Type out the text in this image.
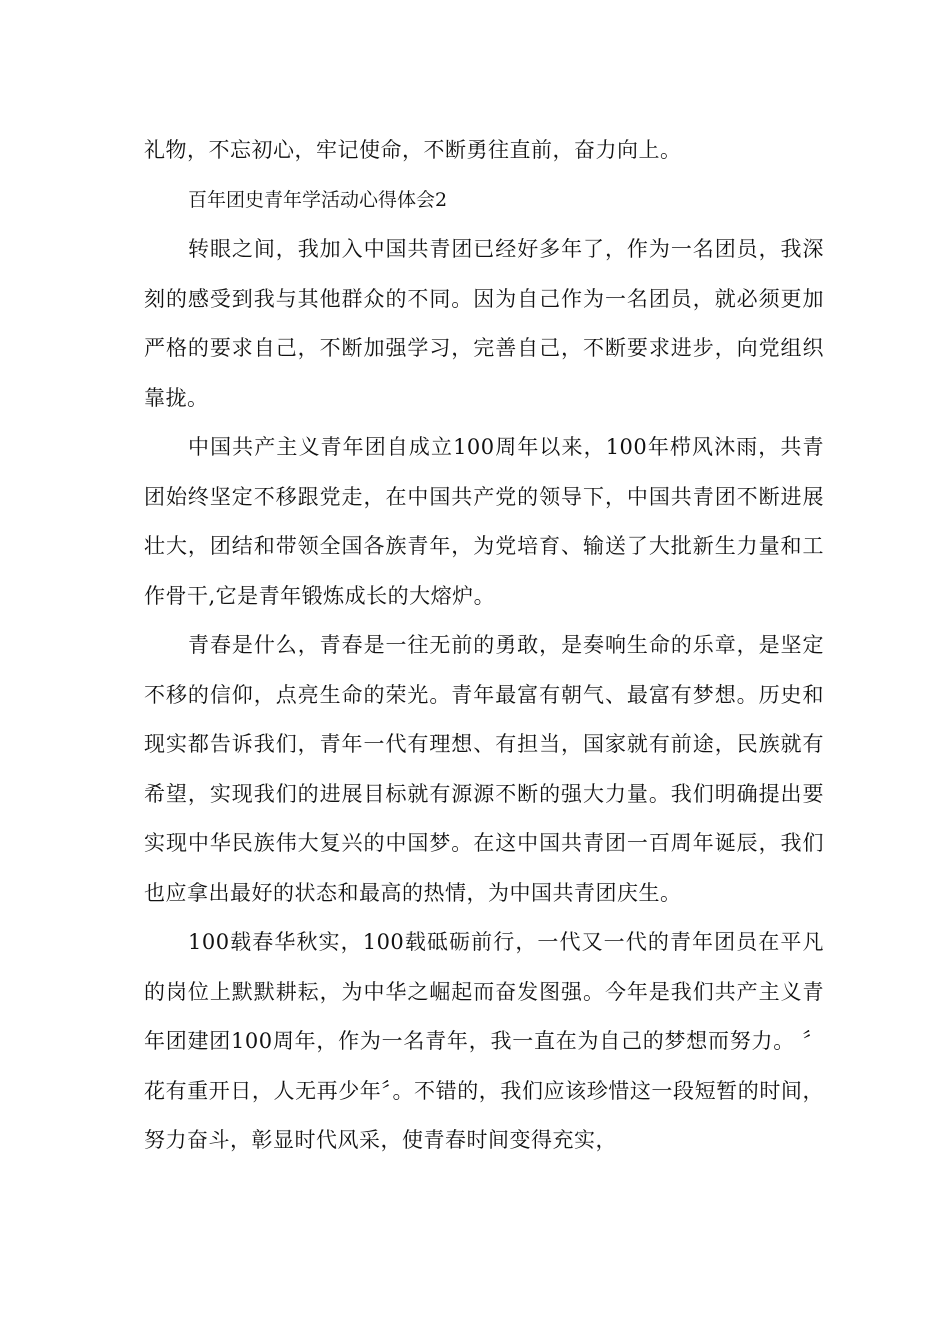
礼物，不忘初心，牢记使命，不断勇往直前，奋力向上。

百年团史青年学活动心得体会2

转眼之间，我加入中国共青团已经好多年了，作为一名团员，我深刻的感受到我与其他群众的不同。因为自己作为一名团员，就必须更加严格的要求自己，不断加强学习，完善自己，不断要求进步，向党组织靠拢。

中国共产主义青年团自成立100周年以来，100年栉风沐雨，共青团始终坚定不移跟党走，在中国共产党的领导下，中国共青团不断进展壮大，团结和带领全国各族青年，为党培育、输送了大批新生力量和工作骨干,它是青年锻炼成长的大熔炉。

青春是什么，青春是一往无前的勇敢，是奏响生命的乐章，是坚定不移的信仰，点亮生命的荣光。青年最富有朝气、最富有梦想。历史和现实都告诉我们，青年一代有理想、有担当，国家就有前途，民族就有希望，实现我们的进展目标就有源源不断的强大力量。我们明确提出要实现中华民族伟大复兴的中国梦。在这中国共青团一百周年诞辰，我们也应拿出最好的状态和最高的热情，为中国共青团庆生。

100载春华秋实，100载砥砺前行，一代又一代的青年团员在平凡的岗位上默默耕耘，为中华之崛起而奋发图强。今年是我们共产主义青年团建团100周年，作为一名青年，我一直在为自己的梦想而努力。 〞花有重开日，人无再少年〞。不错的，我们应该珍惜这一段短暂的时间，努力奋斗，彰显时代风采，使青春时间变得充实，
